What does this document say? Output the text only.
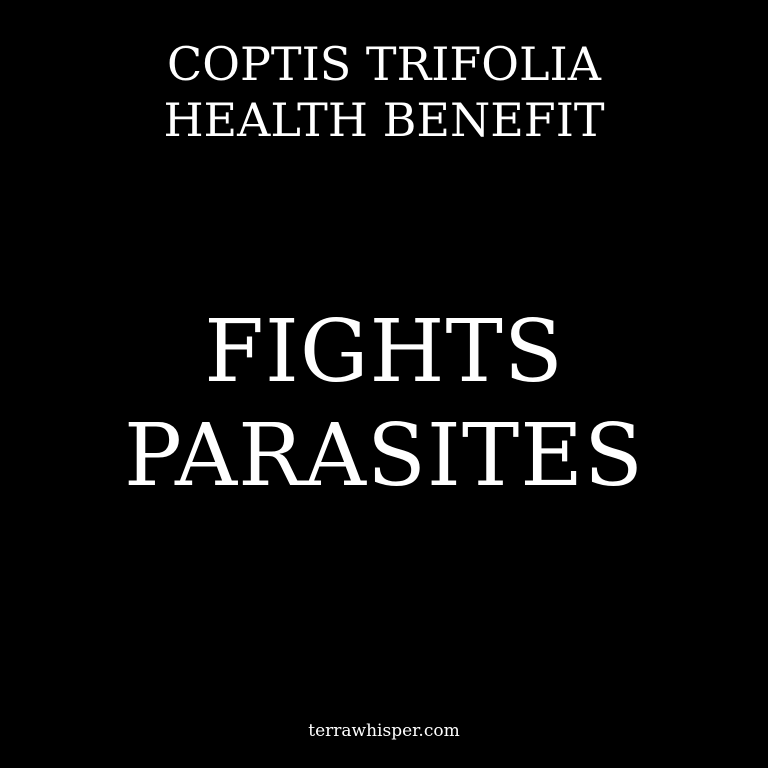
COPTIS TRIFOLIA
HEALTH BENEFIT
FIGHTS
PARASITES
terrawhisper.com
